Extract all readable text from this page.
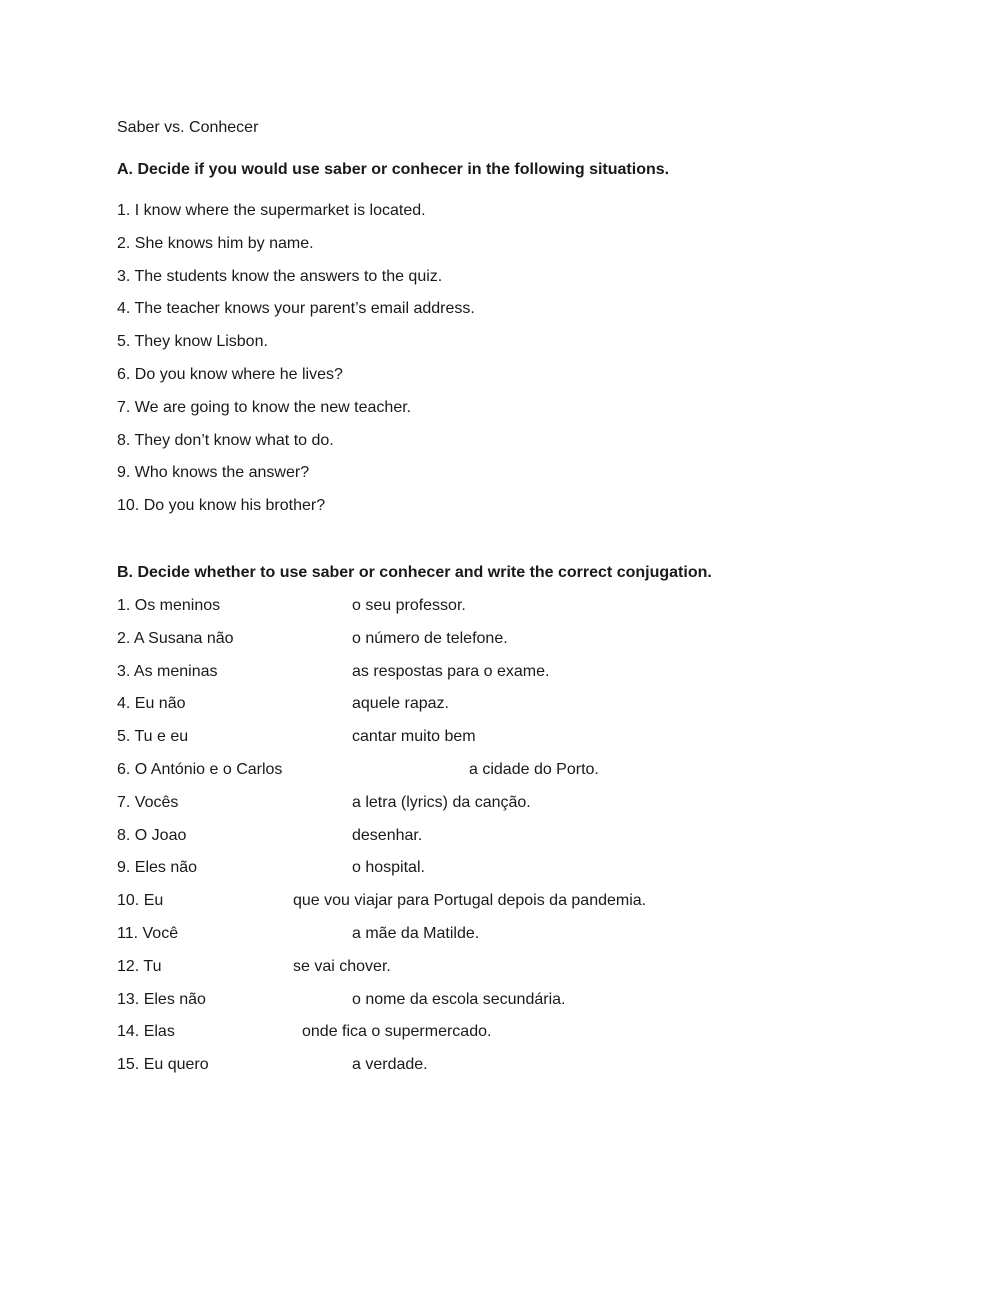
Saber vs. Conhecer
A. Decide if you would use saber or conhecer in the following situations.
1. I know where the supermarket is located.
2. She knows him by name.
3. The students know the answers to the quiz.
4. The teacher knows your parent’s email address.
5. They know Lisbon.
6. Do you know where he lives?
7. We are going to know the new teacher.
8. They don’t know what to do.
9. Who knows the answer?
10. Do you know his brother?
B. Decide whether to use saber or conhecer and write the correct conjugation.
1. Os meninos	o seu professor.
2. A Susana não	o número de telefone.
3. As meninas	as respostas para o exame.
4. Eu não	aquele rapaz.
5. Tu e eu	cantar muito bem
6. O António e o Carlos	a cidade do Porto.
7. Vocês	a letra (lyrics) da canção.
8. O Joao	desenhar.
9. Eles não	o hospital.
10. Eu	que vou viajar para Portugal depois da pandemia.
11. Você	a mãe da Matilde.
12. Tu	se vai chover.
13. Eles não	o nome da escola secundária.
14. Elas	onde fica o supermercado.
15. Eu quero	a verdade.
